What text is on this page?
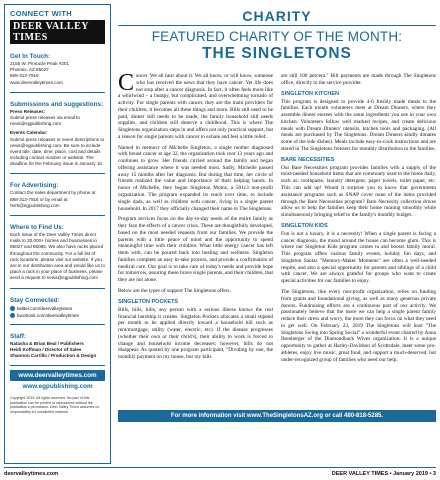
CONNECT WITH
DEER VALLEY TIMES
Get In Touch:
2155 W. Pinnacle Peak #201
Phoenix, AZ 85027
888-313-7916
www.deervalleytimes.com
Submissions and suggestions:
Press Releases:
Submit press releases via email to news@egpublishing.com
Events Calendar:
Submit press releases or event descriptions to news@egpublishing.com. Be sure to include event title, date, time, place, cost and details including contact number or website. The deadline for the February issue is January 10.
For Advertising:
Contact the sales department by phone at 888-313-7916 or by email at herb@egpublishing.com
Where to Find Us:
Each issue of the Deer Valley Times direct mails to 20,000+ homes and businesses in 85027 and 85085. We also have racks placed throughout the community. For a full list of rack locations, please visit our website. If you are in our distribution area and would like us to place a rack in your place of business, please send a request to news@egpublishing.com
Stay Connected:
twitter.com/deervalleytimes
facebook.com/deervalleytimes
Staff:
Natasha & Brian Beal / Publishers
Heidi Koffman / Director of Sales
Shannon Carrillo / Production & Design
www.deervalleytimes.com
www.egpublishing.com
Copyright 2019. All rights reserved. No part of this publication can be printed or reproduced without the publication's permission. Deer Valley Times assumes no responsibility for unsolicited material.
CHARITY
FEATURED CHARITY OF THE MONTH:
THE SINGLETONS

Cancer. We all hear about it. We all know, or will know, someone who has received the news that they have cancer. Yet life does not stop after a cancer diagnosis. In fact, it often feels more like a whirlwind – a bumpy, but complicated, and overwhelming tornado of activity. For single parents with cancer, they are the main providers for their children, it becomes all these things and more. Bills still need to be paid, dinner still needs to be made, the family household still needs supplies, and children still deserve a childhood. This is where The Singletons organization steps in and offers not only practical support, but a reason for single parents with cancer to exhale and feel a little relief.

Named in memory of Michelle Singleton, a single mother diagnosed with breast cancer at age 32, the organization took root 13 years ago and continues to grow. Her friends circled around the family and began offering assistance where it was needed most. Sadly, Michelle passed away 15 months after her diagnosis. But during that time, her circle of friends realized the value and importance of their helping hands. In honor of Michelle, they began Singleton Moms, a 501c3 non-profit organization. The program expanded its reach over time, to include single dads, as well as children with cancer, living in a single parent household. In 2017 they officially changed their name to The Singletons.

Program services focus on the day-to-day needs of the entire family as they face the effects of a cancer crisis. These are thoughtfully developed, based on the most needed requests from our families. We provide the parents with a little peace of mind and the opportunity to spend meaningful time with their children. What little energy cancer has left them with, can be poured back into healing and wellness. Singleton families complete an easy in-take process, and provide a confirmation of medical care. Our goal is to take care of today's needs and provide hope for tomorrow, assuring these brave single parents, and their children, that they are not alone.

Below are the types of support The Singletons offers.

SINGLETON POCKETS

Bills, bills, bills, any person with a serious illness knows the real financial hardship it creates. Singleton Pockets allocates a small stipend per month to be applied directly toward a household bill such as rent/mortgage, utility (water, electric, etc). If the disease progresses (whether their own or their child's), their ability to work is forced to change and household income decreases; however, bills do not disappear. As quoted by one program participant, "Dividing by one, the monthly payment on my house, but my bills

are still 100 percent." Bill payments are made through The Singletons office, directly to the service provider.

SINGLETON KITCHEN

This program is designed to provide 4-6 freshly made meals to the families. Each month volunteers meet at Dream Dinners, where they assemble dinner entrees with the same ingredients you use in your own kitchen. Volunteers follow well marked recipes, and create delicious meals with Dream Dinners' utensils, kitchen tools and packaging. (All meals are purchased by The Singletons. Dream Dinners kindly donates some of the side dishes). Meals include easy-to-cook instructions and are stored in The Singletons freezers for monthly distribution to the families.

BARE NECESSITIES

Our Bare Necessities program provides families with a supply of the most-needed household items that are commonly used in the home daily, such as: toothpaste, laundry detergent, paper towels, toilet paper, etc. This can add up! Would it surprise you to know that government assistance programs such as SNAP cover none of the items provided through the Bare Necessities program? Bare Necessity collection drives allow us to help the families keep their home running smoothly while simultaneously bringing relief to the family's monthly budget.

SINGLETON KIDS

Fun is not a luxury, it is a necessity! When a single parent is facing a cancer diagnosis, the mood around the house can become glum. This is where our Singleton Kids program comes in and boosts family moral. This program offers various family events, holiday fun days, and Singleton Santas "Memory-Maker Moments" are often a well-needed respite, and also a special opportunity for parents and siblings of a child with cancer. We are always grateful for groups who want to create special activities for our families to enjoy.

The Singletons, like every non-profit organization, relies on funding from grants and foundational giving, as well as many generous private donors. Fundraising efforts are a continuous part of our activity. We passionately believe that the more we can help a single parent family reduce their stress and worry, the more they can focus on what they need to get well. On February 23, 2019 The Singletons will host "The Singletons Swing into Spring Social" a wonderful event chaired by Anna Ilsenberger of the Diamondback Wives organization. It is a unique opportunity to gather at Harley-Davidson of Scottsdale, meet some pro-athletes, enjoy live music, great food, and support a much-deserved, but under-recognized group of families who need our help.

For more information visit www.TheSingletonsAZ.org or call 480-818-5285.
deervalleytimes.com	DEER VALLEY TIMES • January 2019 • 3
